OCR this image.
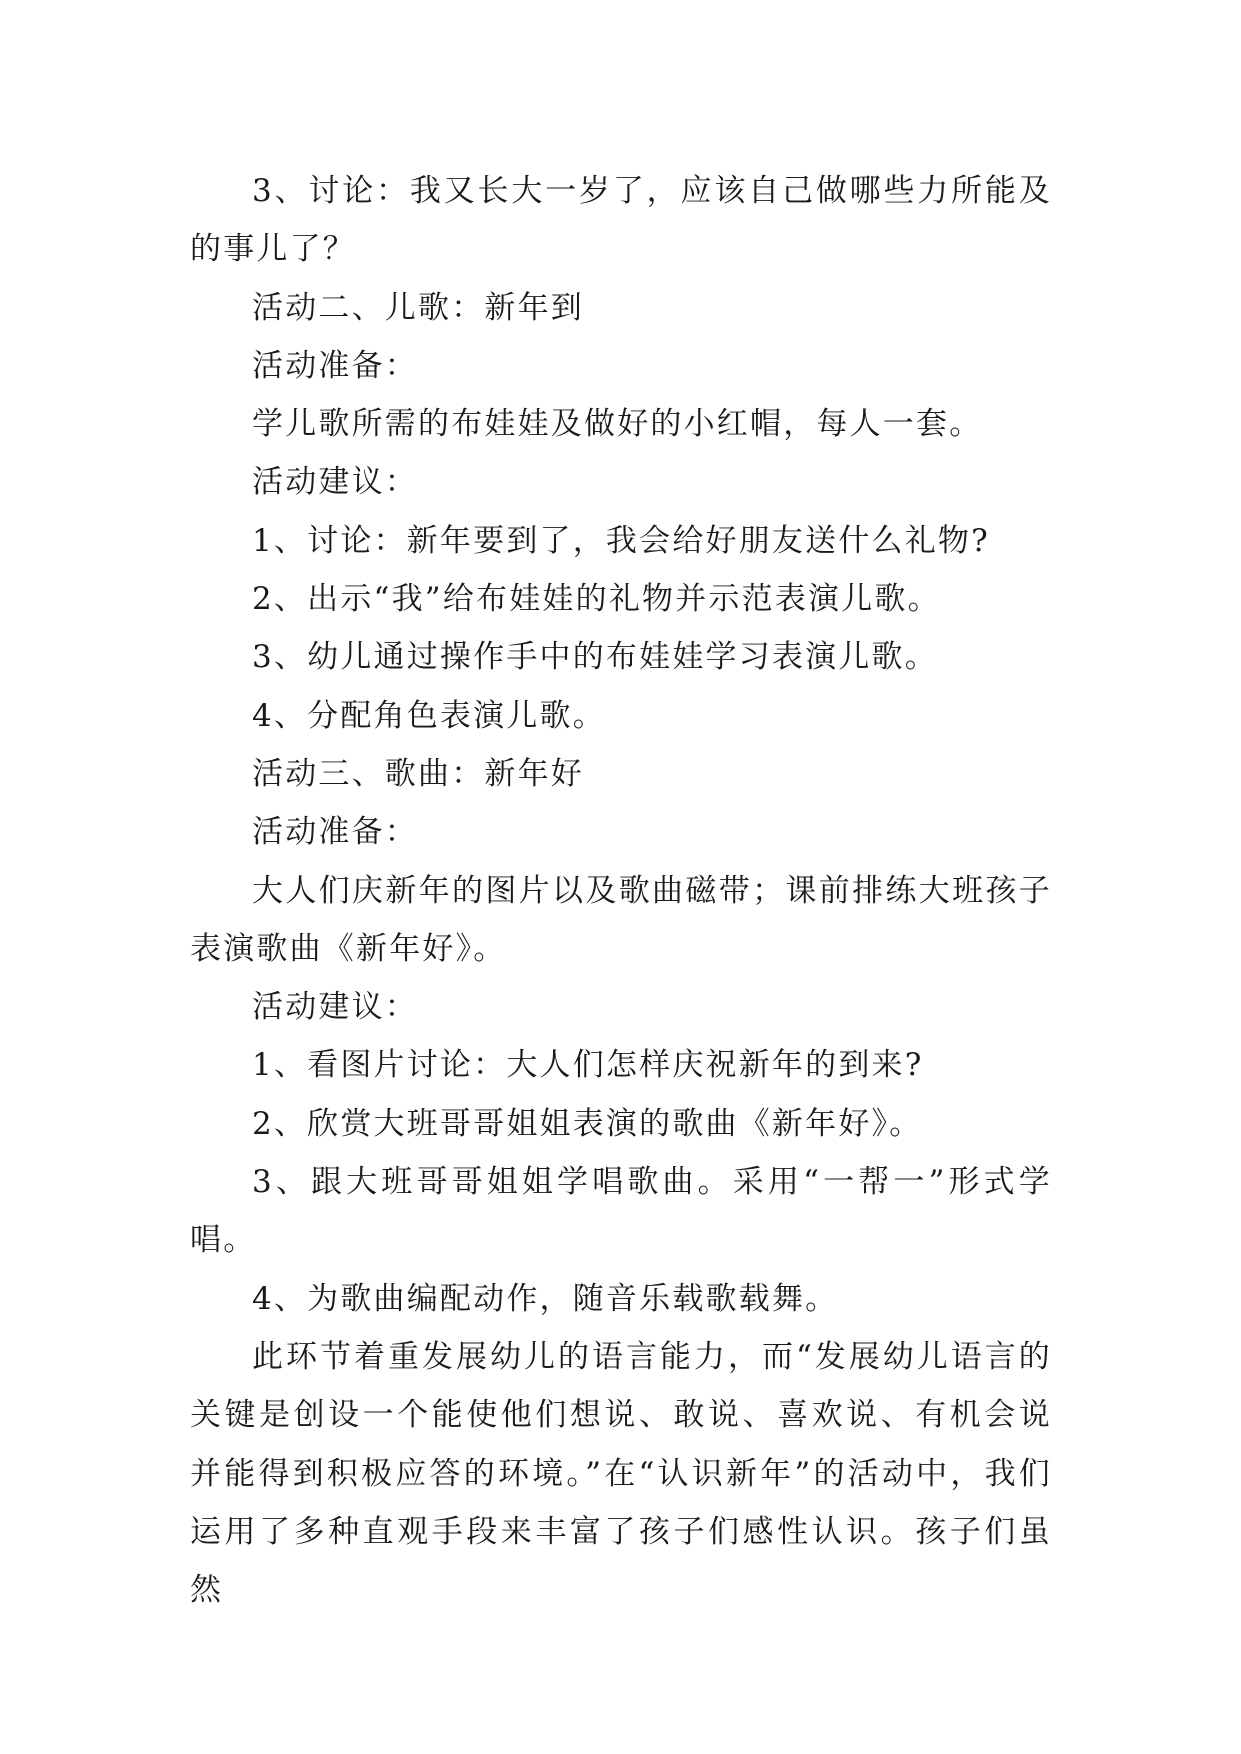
3、讨论：我又长大一岁了，应该自己做哪些力所能及的事儿了？

活动二、儿歌：新年到

活动准备：

学儿歌所需的布娃娃及做好的小红帽，每人一套。

活动建议：

1、讨论：新年要到了，我会给好朋友送什么礼物?

2、出示“我”给布娃娃的礼物并示范表演儿歌。

3、幼儿通过操作手中的布娃娃学习表演儿歌。

4、分配角色表演儿歌。

活动三、歌曲：新年好

活动准备：

大人们庆新年的图片以及歌曲磁带；课前排练大班孩子表演歌曲《新年好》。

活动建议：

1、看图片讨论：大人们怎样庆祝新年的到来?

2、欣赏大班哥哥姐姐表演的歌曲《新年好》。

3、跟大班哥哥姐姐学唱歌曲。采用“一帮一”形式学唱。

4、为歌曲编配动作，随音乐载歌载舞。

此环节着重发展幼儿的语言能力，而“发展幼儿语言的关键是创设一个能使他们想说、敢说、喜欢说、有机会说并能得到积极应答的环境。”在“认识新年”的活动中，我们运用了多种直观手段来丰富了孩子们感性认识。孩子们虽然
